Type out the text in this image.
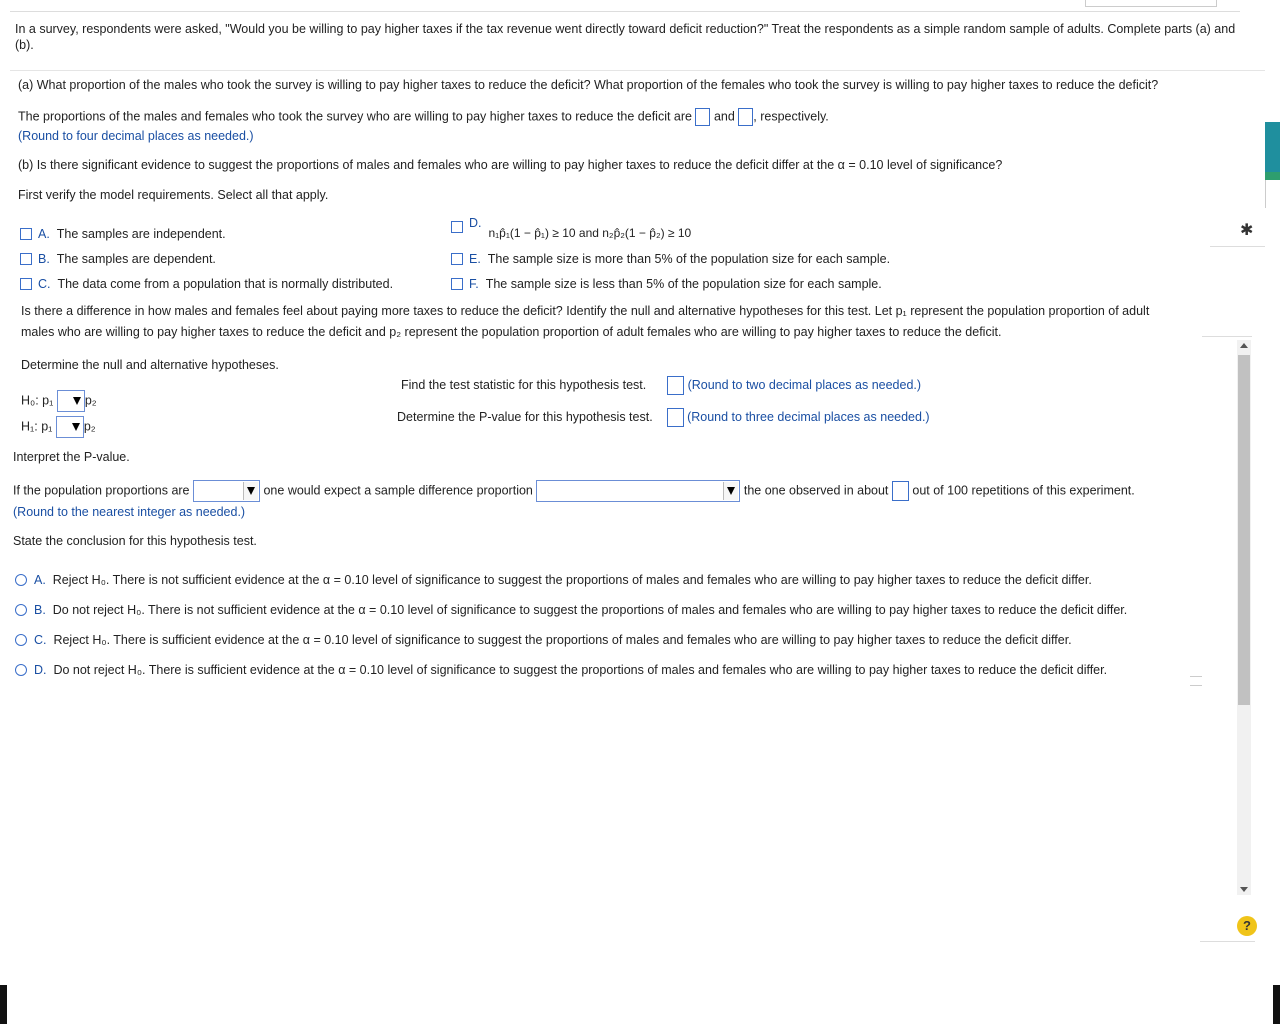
In a survey, respondents were asked, "Would you be willing to pay higher taxes if the tax revenue went directly toward deficit reduction?" Treat the respondents as a simple random sample of adults. Complete parts (a) and (b).
(a) What proportion of the males who took the survey is willing to pay higher taxes to reduce the deficit? What proportion of the females who took the survey is willing to pay higher taxes to reduce the deficit?
The proportions of the males and females who took the survey who are willing to pay higher taxes to reduce the deficit are and , respectively.
(Round to four decimal places as needed.)
(b) Is there significant evidence to suggest the proportions of males and females who are willing to pay higher taxes to reduce the deficit differ at the α = 0.10 level of significance?
First verify the model requirements. Select all that apply.
A. The samples are independent.
B. The samples are dependent.
C. The data come from a population that is normally distributed.
D.  n₁p̂₁(1 − p̂₁) ≥ 10 and n₂p̂₂(1 − p̂₂) ≥ 10
E. The sample size is more than 5% of the population size for each sample.
F. The sample size is less than 5% of the population size for each sample.
Is there a difference in how males and females feel about paying more taxes to reduce the deficit? Identify the null and alternative hypotheses for this test. Let p₁ represent the population proportion of adult
males who are willing to pay higher taxes to reduce the deficit and p₂ represent the population proportion of adult females who are willing to pay higher taxes to reduce the deficit.
Determine the null and alternative hypotheses.
H₀: p₁	p₂
H₁: p₁	p₂
Find the test statistic for this hypothesis test.	(Round to two decimal places as needed.)
Determine the P-value for this hypothesis test.	(Round to three decimal places as needed.)
Interpret the P-value.
If the population proportions are	one would expect a sample difference proportion	the one observed in about out of 100 repetitions of this experiment.
(Round to the nearest integer as needed.)
State the conclusion for this hypothesis test.
A. Reject H₀. There is not sufficient evidence at the α = 0.10 level of significance to suggest the proportions of males and females who are willing to pay higher taxes to reduce the deficit differ.
B. Do not reject H₀. There is not sufficient evidence at the α = 0.10 level of significance to suggest the proportions of males and females who are willing to pay higher taxes to reduce the deficit differ.
C. Reject H₀. There is sufficient evidence at the α = 0.10 level of significance to suggest the proportions of males and females who are willing to pay higher taxes to reduce the deficit differ.
D. Do not reject H₀. There is sufficient evidence at the α = 0.10 level of significance to suggest the proportions of males and females who are willing to pay higher taxes to reduce the deficit differ.
✱
?
